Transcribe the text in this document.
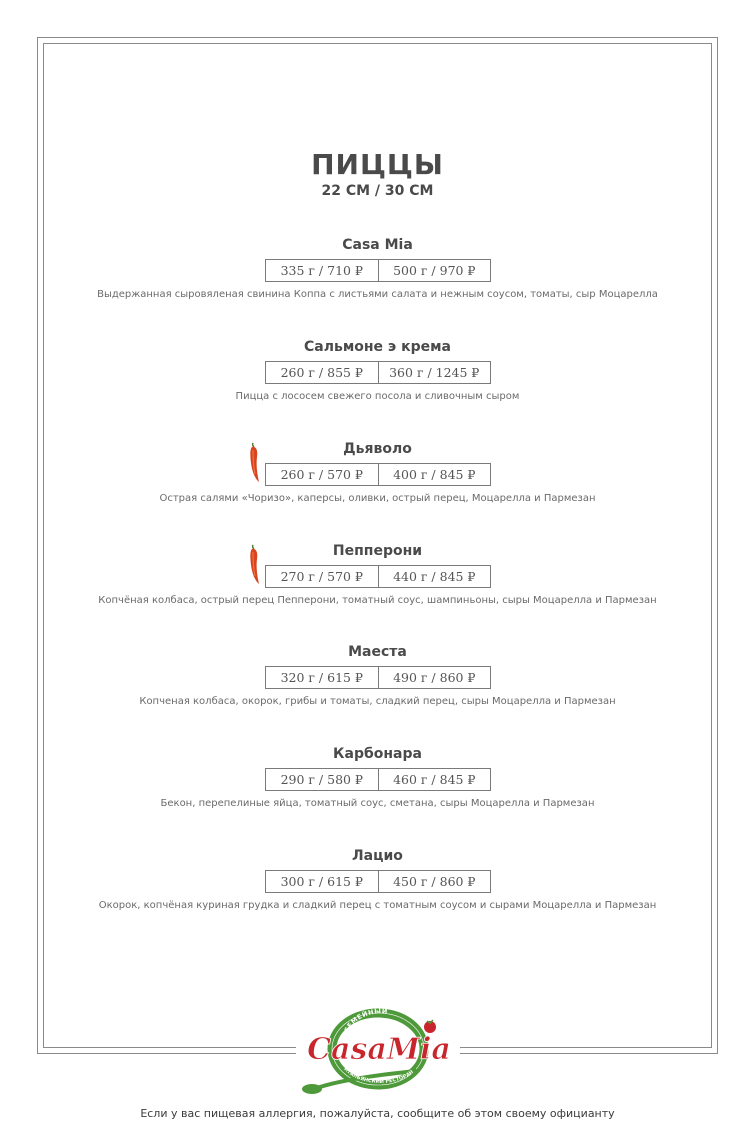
ПИЦЦЫ
22 СМ / 30 СМ
Casa Mia
335 г / 710 ₽	500 г / 970 ₽
Выдержанная сыровяленая свинина Коппа с листьями салата и нежным соусом, томаты, сыр Моцарелла
Сальмоне э крема
260 г / 855 ₽	360 г / 1245 ₽
Пицца с лососем свежего посола и сливочным сыром
Дьяволо
260 г / 570 ₽	400 г / 845 ₽
Острая салями «Чоризо», каперсы, оливки, острый перец, Моцарелла и Пармезан
Пепперони
270 г / 570 ₽	440 г / 845 ₽
Копчёная колбаса, острый перец Пепперони, томатный соус, шампиньоны, сыры Моцарелла и Пармезан
Маеста
320 г / 615 ₽	490 г / 860 ₽
Копченая колбаса, окорок, грибы и томаты, сладкий перец, сыры Моцарелла и Пармезан
Карбонара
290 г / 580 ₽	460 г / 845 ₽
Бекон, перепелиные яйца, томатный соус, сметана, сыры Моцарелла и Пармезан
Лацио
300 г / 615 ₽	450 г / 860 ₽
Окорок, копчёная куриная грудка и сладкий перец с томатным соусом и сырами Моцарелла и Пармезан
СЕМЕЙНЫЙ
ИТАЛЬЯНСКИЙ РЕСТОРАН
CasaMia
Если у вас пищевая аллергия, пожалуйста, сообщите об этом своему официанту
